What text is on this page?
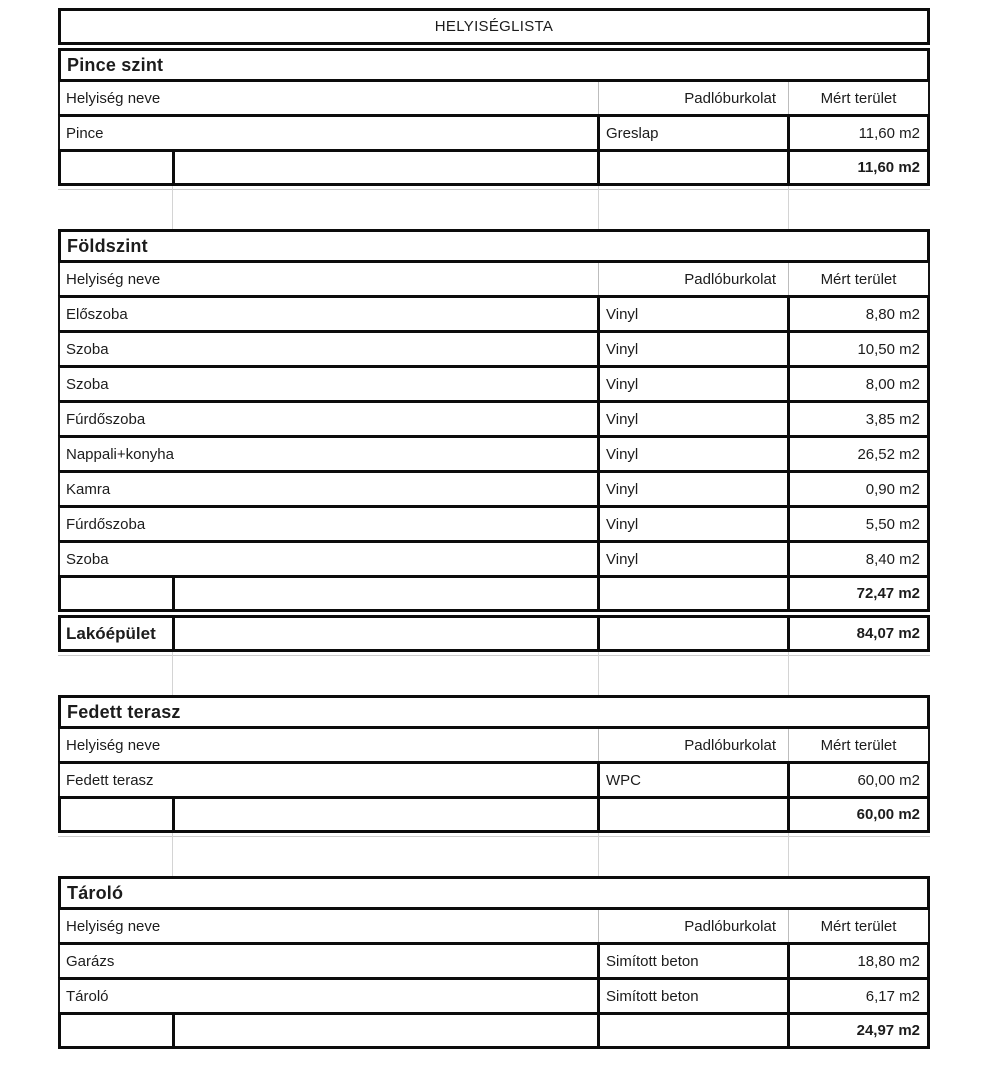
HELYISÉGLISTA
Pince szint
Helyiség neve	Padlóburkolat	Mért terület
Pince	Greslap	11,60 m2
11,60 m2
Földszint
Helyiség neve	Padlóburkolat	Mért terület
Előszoba	Vinyl	8,80 m2
Szoba	Vinyl	10,50 m2
Szoba	Vinyl	8,00 m2
Fúrdőszoba	Vinyl	3,85 m2
Nappali+konyha	Vinyl	26,52 m2
Kamra	Vinyl	0,90 m2
Fúrdőszoba	Vinyl	5,50 m2
Szoba	Vinyl	8,40 m2
72,47 m2
Lakóépület	84,07 m2
Fedett terasz
Helyiség neve	Padlóburkolat	Mért terület
Fedett terasz	WPC	60,00 m2
60,00 m2
Tároló
Helyiség neve	Padlóburkolat	Mért terület
Garázs	Simított beton	18,80 m2
Tároló	Simított beton	6,17 m2
24,97 m2
